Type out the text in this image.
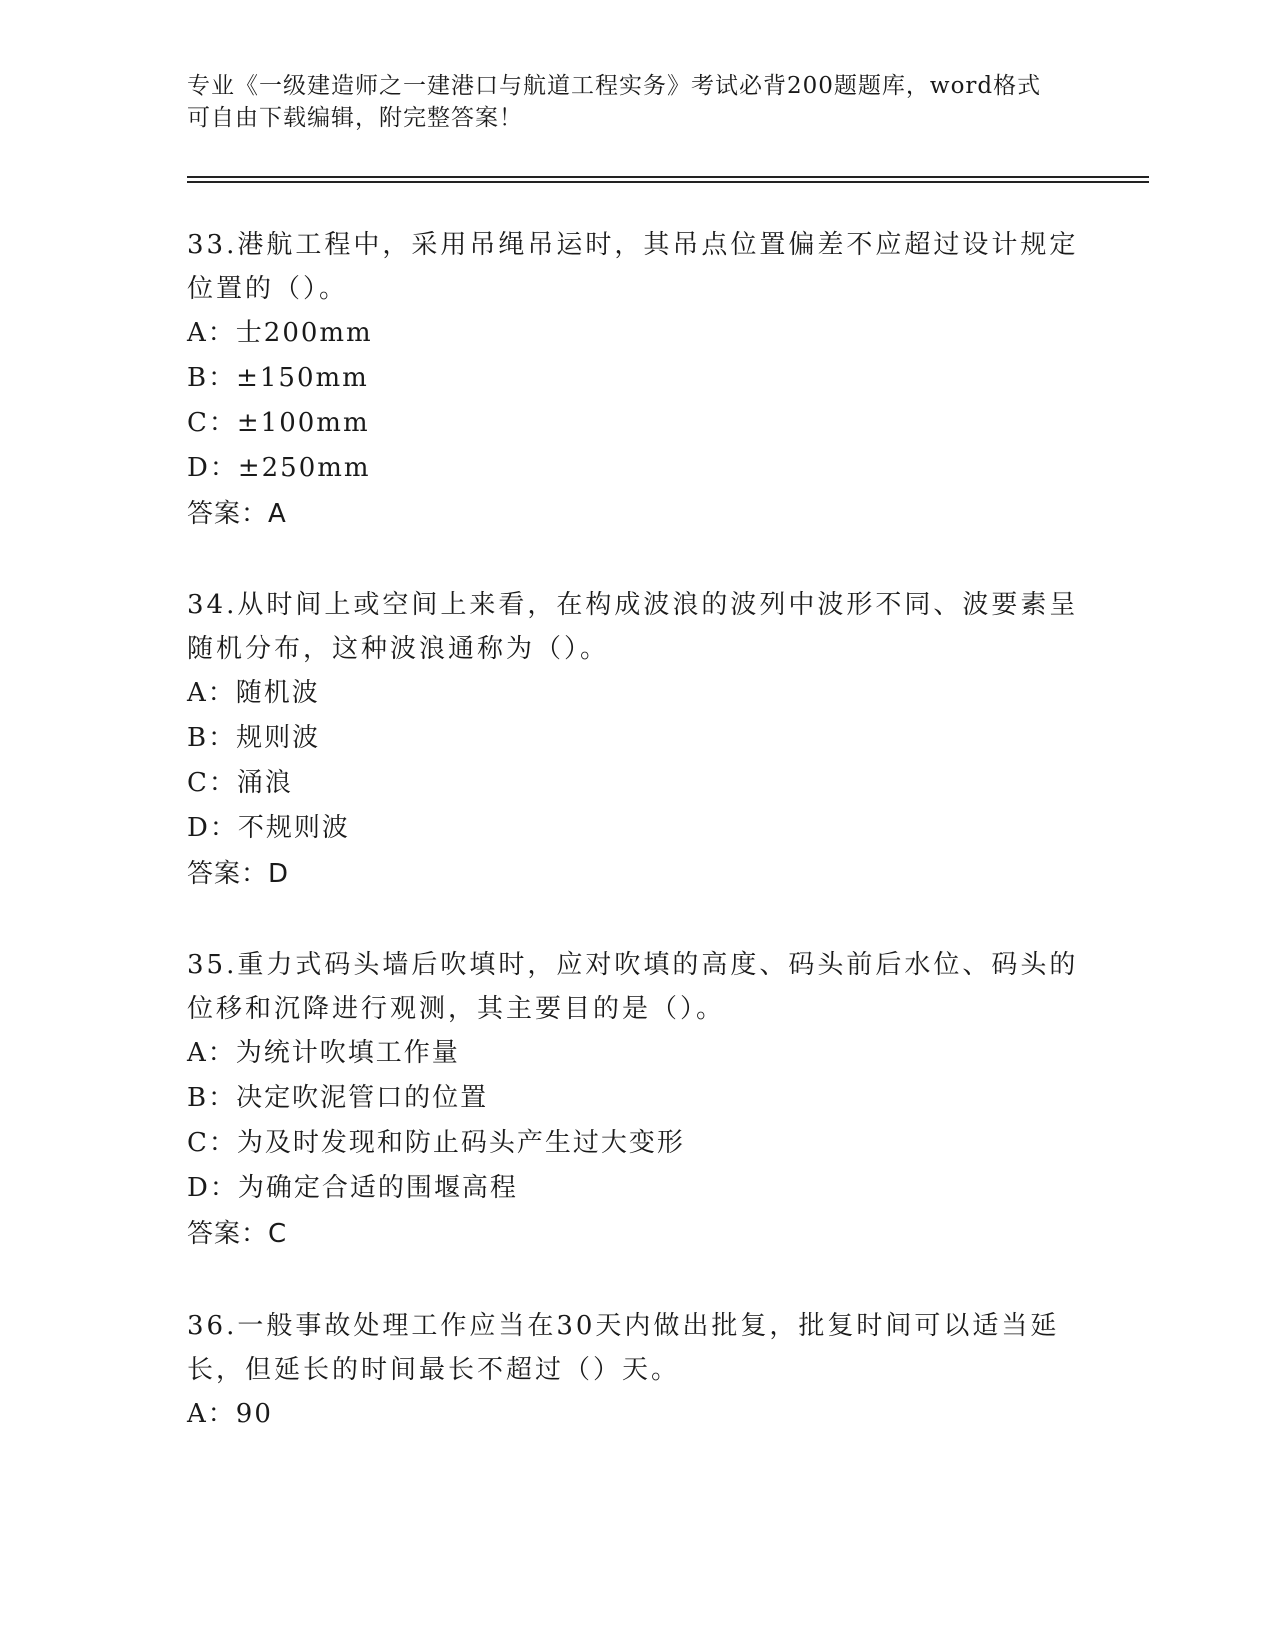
专业《一级建造师之一建港口与航道工程实务》考试必背200题题库，word格式
可自由下载编辑，附完整答案！
33.港航工程中，采用吊绳吊运时，其吊点位置偏差不应超过设计规定
位置的（）。
A：士200mm
B：±150mm
C：±100mm
D：±250mm
答案：A
34.从时间上或空间上来看，在构成波浪的波列中波形不同、波要素呈
随机分布，这种波浪通称为（）。
A：随机波
B：规则波
C：涌浪
D：不规则波
答案：D
35.重力式码头墙后吹填时，应对吹填的高度、码头前后水位、码头的
位移和沉降进行观测，其主要目的是（）。
A：为统计吹填工作量
B：决定吹泥管口的位置
C：为及时发现和防止码头产生过大变形
D：为确定合适的围堰高程
答案：C
36.一般事故处理工作应当在30天内做出批复，批复时间可以适当延
长，但延长的时间最长不超过（）天。
A：90
